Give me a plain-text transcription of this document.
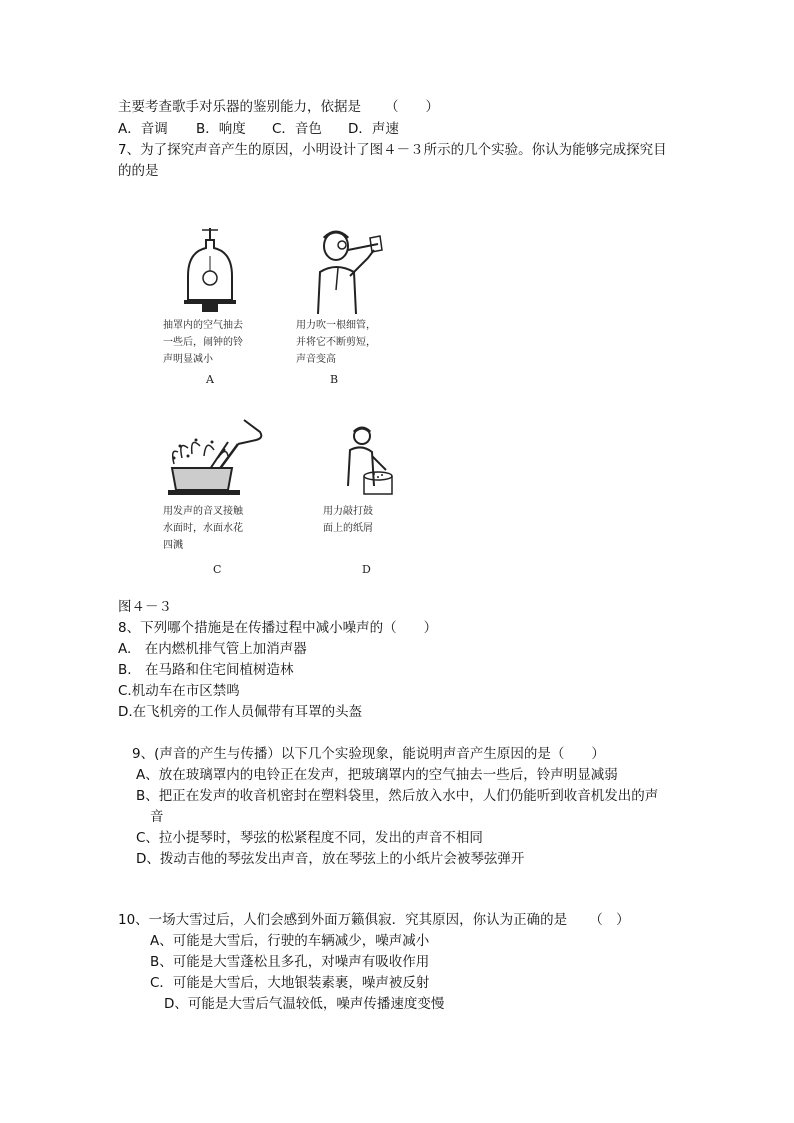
主要考查歌手对乐器的鉴别能力，依据是 （　　）
A．音调 B．响度 C．音色 D．声速
7、为了探究声音产生的原因，小明设计了图４－３所示的几个实验。你认为能够完成探究目
的的是
抽罩内的空气抽去
一些后，闹钟的铃
声明显减小
用力吹一根细管，
并将它不断剪短，
声音变高
A	B
用发声的音叉接触
水面时，水面水花
四溅
用力敲打鼓
面上的纸屑
C	D
图４－３
8、下列哪个措施是在传播过程中减小噪声的（　　）
A.　在内燃机排气管上加消声器
B.　在马路和住宅间植树造林
C.机动车在市区禁鸣
D.在飞机旁的工作人员佩带有耳罩的头盔
9、(声音的产生与传播）以下几个实验现象，能说明声音产生原因的是（　　）
A、放在玻璃罩内的电铃正在发声，把玻璃罩内的空气抽去一些后，铃声明显减弱
B、把正在发声的收音机密封在塑料袋里，然后放入水中，人们仍能听到收音机发出的声
音
C、拉小提琴时，琴弦的松紧程度不同，发出的声音不相同
D、拨动吉他的琴弦发出声音，放在琴弦上的小纸片会被琴弦弹开
10、一场大雪过后，人们会感到外面万籁俱寂．究其原因，你认为正确的是 （　）
A、可能是大雪后，行驶的车辆减少，噪声减小
B、可能是大雪蓬松且多孔，对噪声有吸收作用
C．可能是大雪后，大地银装素裹，噪声被反射
D、可能是大雪后气温较低，噪声传播速度变慢
